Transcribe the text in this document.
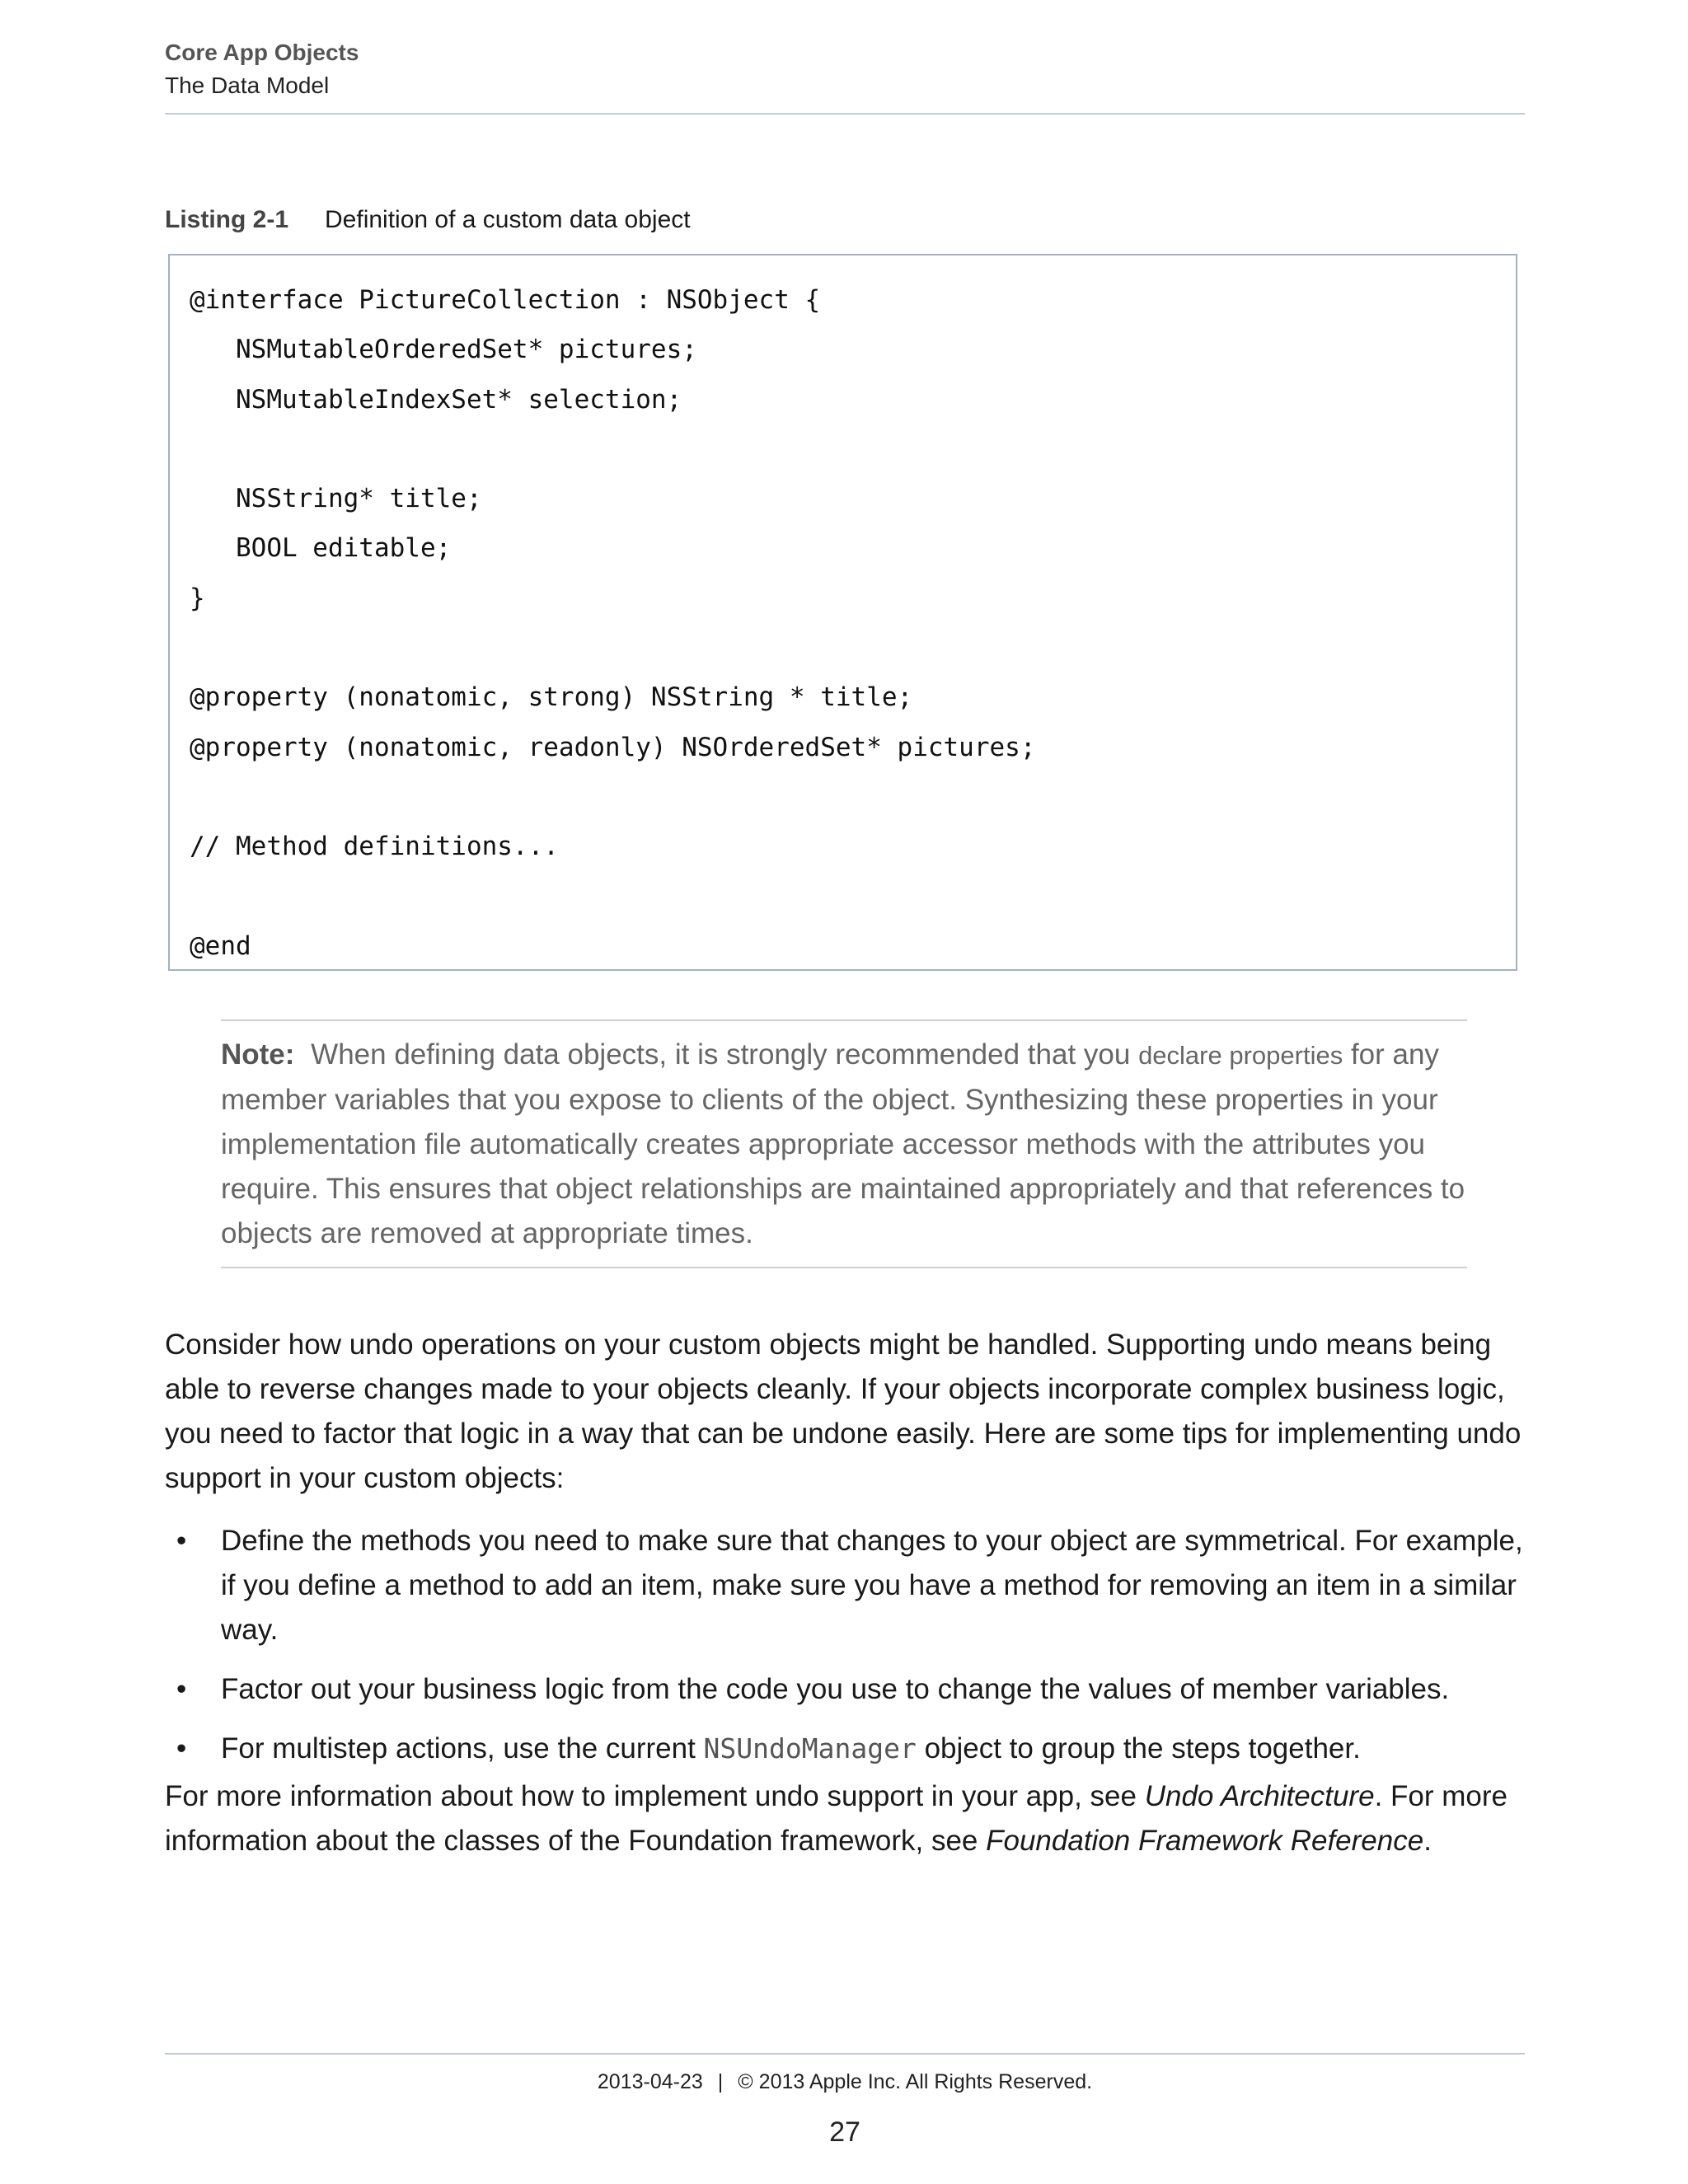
Core App Objects
The Data Model
Listing 2-1 Definition of a custom data object
@interface PictureCollection : NSObject {
NSMutableOrderedSet* pictures;
NSMutableIndexSet* selection;
NSString* title;
BOOL editable;
}
@property (nonatomic, strong) NSString * title;
@property (nonatomic, readonly) NSOrderedSet* pictures;
// Method definitions...
@end
Note: When defining data objects, it is strongly recommended that you declare properties for any member variables that you expose to clients of the object. Synthesizing these properties in your implementation file automatically creates appropriate accessor methods with the attributes you require. This ensures that object relationships are maintained appropriately and that references to objects are removed at appropriate times.
Consider how undo operations on your custom objects might be handled. Supporting undo means being able to reverse changes made to your objects cleanly. If your objects incorporate complex business logic, you need to factor that logic in a way that can be undone easily. Here are some tips for implementing undo support in your custom objects:
• Define the methods you need to make sure that changes to your object are symmetrical. For example, if you define a method to add an item, make sure you have a method for removing an item in a similar way.
• Factor out your business logic from the code you use to change the values of member variables.
• For multistep actions, use the current NSUndoManager object to group the steps together.
For more information about how to implement undo support in your app, see Undo Architecture. For more information about the classes of the Foundation framework, see Foundation Framework Reference.
2013-04-23 | © 2013 Apple Inc. All Rights Reserved.
27
